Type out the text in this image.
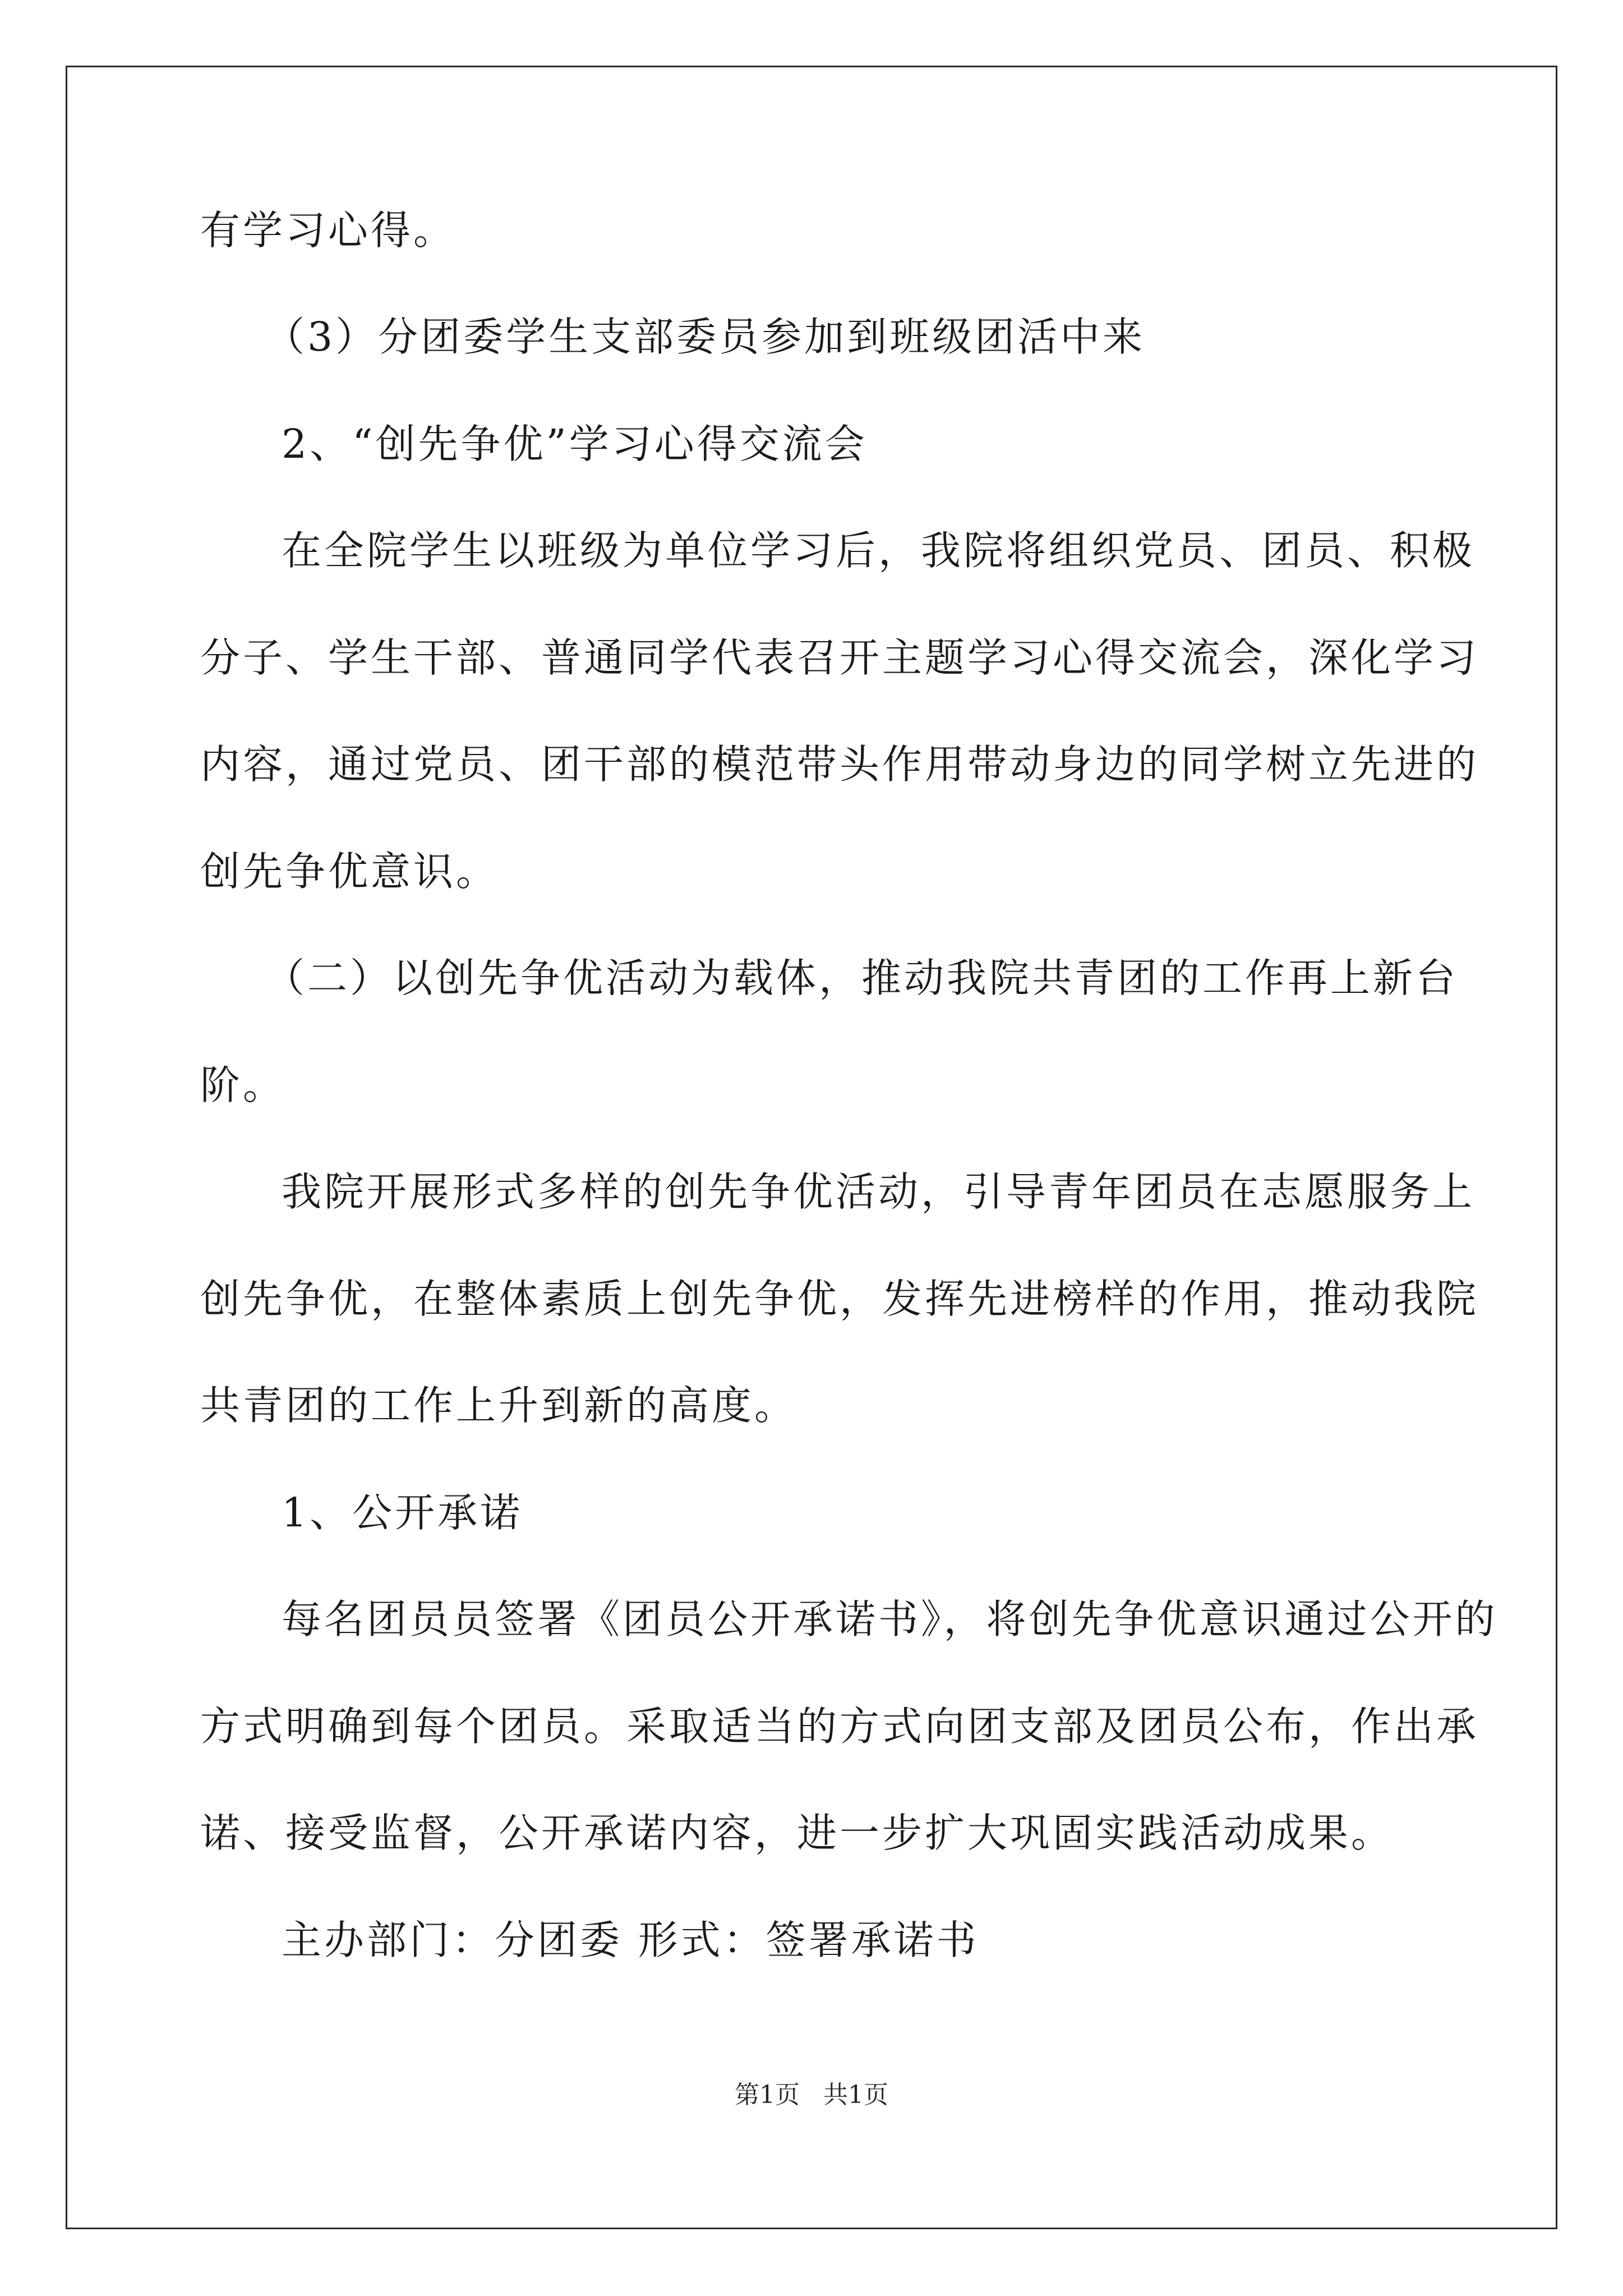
有学习心得。
（3）分团委学生支部委员参加到班级团活中来
2、“创先争优”学习心得交流会
在全院学生以班级为单位学习后，我院将组织党员、团员、积极
分子、学生干部、普通同学代表召开主题学习心得交流会，深化学习
内容，通过党员、团干部的模范带头作用带动身边的同学树立先进的
创先争优意识。
（二）以创先争优活动为载体，推动我院共青团的工作再上新台
阶。
我院开展形式多样的创先争优活动，引导青年团员在志愿服务上
创先争优，在整体素质上创先争优，发挥先进榜样的作用，推动我院
共青团的工作上升到新的高度。
1、公开承诺
每名团员员签署《团员公开承诺书》，将创先争优意识通过公开的
方式明确到每个团员。采取适当的方式向团支部及团员公布，作出承
诺、接受监督，公开承诺内容，进一步扩大巩固实践活动成果。
主办部门：分团委 形式：签署承诺书
第1页 共1页
